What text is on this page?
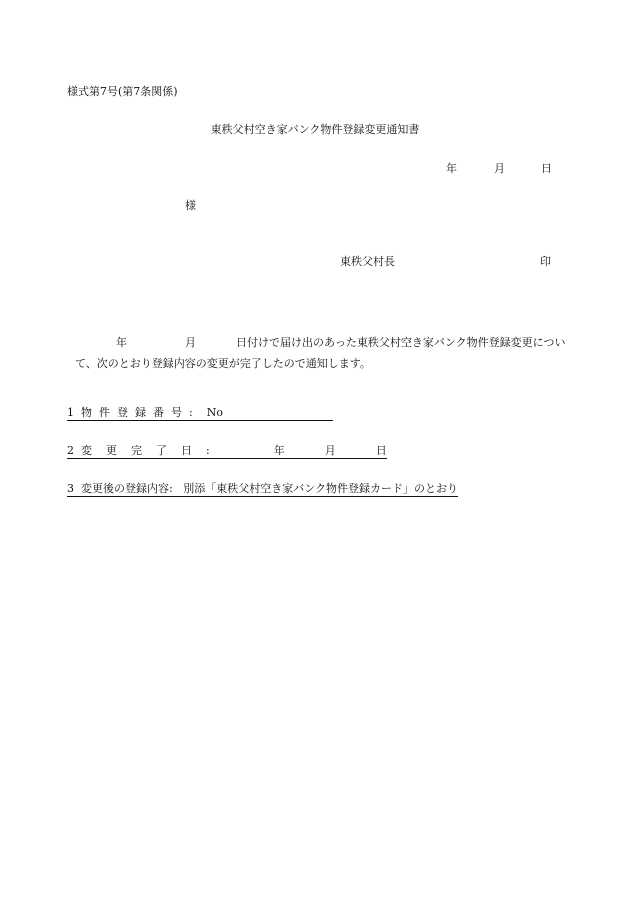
様式第7号(第7条関係)
東秩父村空き家バンク物件登録変更通知書
年	月	日
様
東秩父村長	印
年	月	日付けで届け出のあった東秩父村空き家バンク物件登録変更につい
て、次のとおり登録内容の変更が完了したので通知します。
1 物件登録番号: No
2 変更完了日:	年	月	日
3 変更後の登録内容: 別添「東秩父村空き家バンク物件登録カード」のとおり
